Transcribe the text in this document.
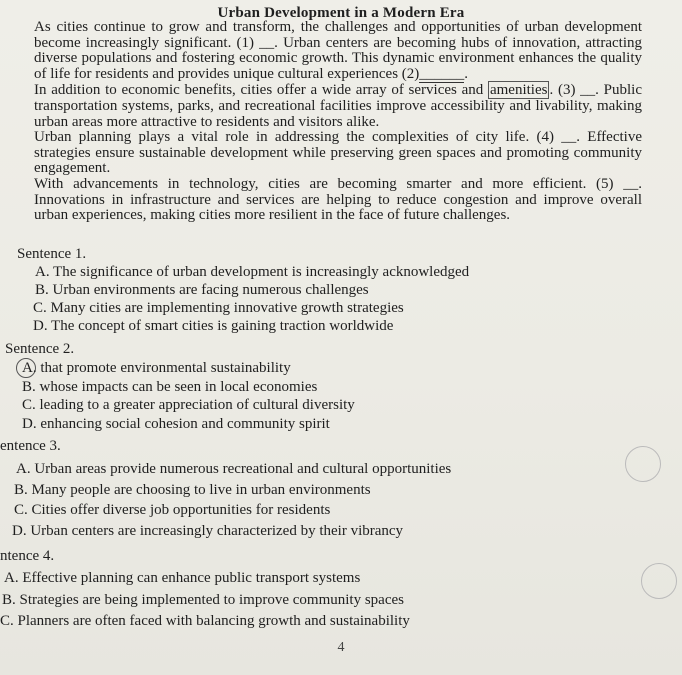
Urban Development in a Modern Era

As cities continue to grow and transform, the challenges and opportunities of urban development become increasingly significant. (1) __. Urban centers are becoming hubs of innovation, attracting diverse populations and fostering economic growth. This dynamic environment enhances the quality of life for residents and provides unique cultural experiences (2)______.

In addition to economic benefits, cities offer a wide array of services and amenities . (3) __. Public transportation systems, parks, and recreational facilities improve accessibility and livability, making urban areas more attractive to residents and visitors alike.

Urban planning plays a vital role in addressing the complexities of city life. (4) __. Effective strategies ensure sustainable development while preserving green spaces and promoting community engagement.

With advancements in technology, cities are becoming smarter and more efficient. (5) __. Innovations in infrastructure and services are helping to reduce congestion and improve overall urban experiences, making cities more resilient in the face of future challenges.

Sentence 1.
A. The significance of urban development is increasingly acknowledged
B. Urban environments are facing numerous challenges
C. Many cities are implementing innovative growth strategies
D. The concept of smart cities is gaining traction worldwide
Sentence 2.
A. that promote environmental sustainability
B. whose impacts can be seen in local economies
C. leading to a greater appreciation of cultural diversity
D. enhancing social cohesion and community spirit
entence 3.
A. Urban areas provide numerous recreational and cultural opportunities
B. Many people are choosing to live in urban environments
C. Cities offer diverse job opportunities for residents
D. Urban centers are increasingly characterized by their vibrancy
ntence 4.
A. Effective planning can enhance public transport systems
B. Strategies are being implemented to improve community spaces
C. Planners are often faced with balancing growth and sustainability
4
